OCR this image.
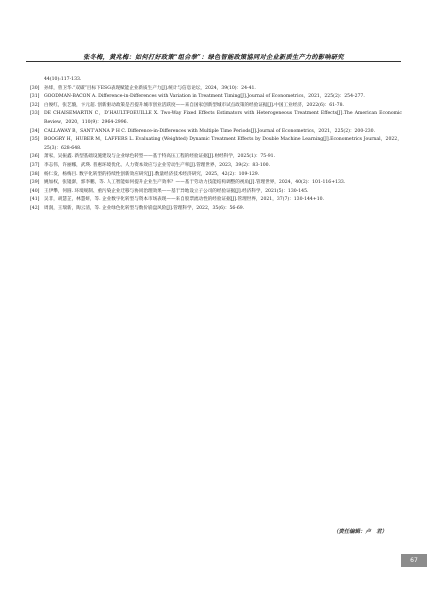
张冬梅，黄兆梅：如何打好政策“组合拳”：绿色智能政策協同对企业新质生产力的影响研究
44(10):117-133.
[30] 孙烽，曾卫华.“双碳”目标下ESG表现赋能企业新质生产力[J].统计与信息论坛，2024，39(10)：24-41.
[31] GOODMAN-BACON A. Difference-in-Differences with Variation in Treatment Timing[J].Journal of Econometrics，2021，225(2)：254-277.
[32] 白俊红，张艺璇，卞元超. 创新驱动政策是否提升城市创业活跃度——来自国家创新型城市试点政策的经验证据[J].中国工业经济，2022(6)：61-78.
[33] DE CHAISEMARTIN C，D’HAULTFOEUILLE X. Two-Way Fixed Effects Estimators with Heterogeneous Treatment Effects[J].The American Economic Review，2020，110(9)：2964-2996.
[34] CALLAWAY B，SANT’ANNA P H C. Difference-in-Differences with Multiple Time Periods[J].Journal of Econometrics，2021，225(2)：200-230.
[35] BOOGRY H，HUBER M，LAFFERS L. Evaluating (Weighted) Dynamic Treatment Effects by Double Machine Learning[J].Econometrics Journal，2022，25(3)：628-648.
[36] 萧家，吴振鑫. 新型基础设施建设与企业绿色转型——基于特高压工程的经验证据[J].财经科学，2025(1)：75-91.
[37] 李志伟，许丽娜，武瑛. 普惠环境优化、人力资本效应与企业劳动生产率[J].管理世界，2023，39(2)：83-100.
[38] 杨仁发，杨梅目. 数字化转型的持续性创新效应研究[J].数量经济技术经济研究，2025，42(2)：109-129.
[39] 姚加权，张锟澎，郭李鹏，等. 人工智能如何提升企业生产效率？——基于劳动力技能结构调整的视角[J].管理世界，2024，40(2)：101-116+133.
[40] 王伊攀，何圆. 环境规制、重污染企业迁移与协同治理效果——基于异地设立子公司的经验证据[J].经济科学，2021(5)：130-145.
[41] 吴非，胡慧芷，林慧妍，等. 企业数字化转型与资本市场表现——来自股票流动性的经验证据[J].管理世界，2021，37(7)：130-144+10.
[42] 周润，王瑞新，陶云清，等. 企业绿色化转型与数价崩盘风险[J].管理科学，2022，35(6)：56-69.
（责任编辑：卢　君）
67
